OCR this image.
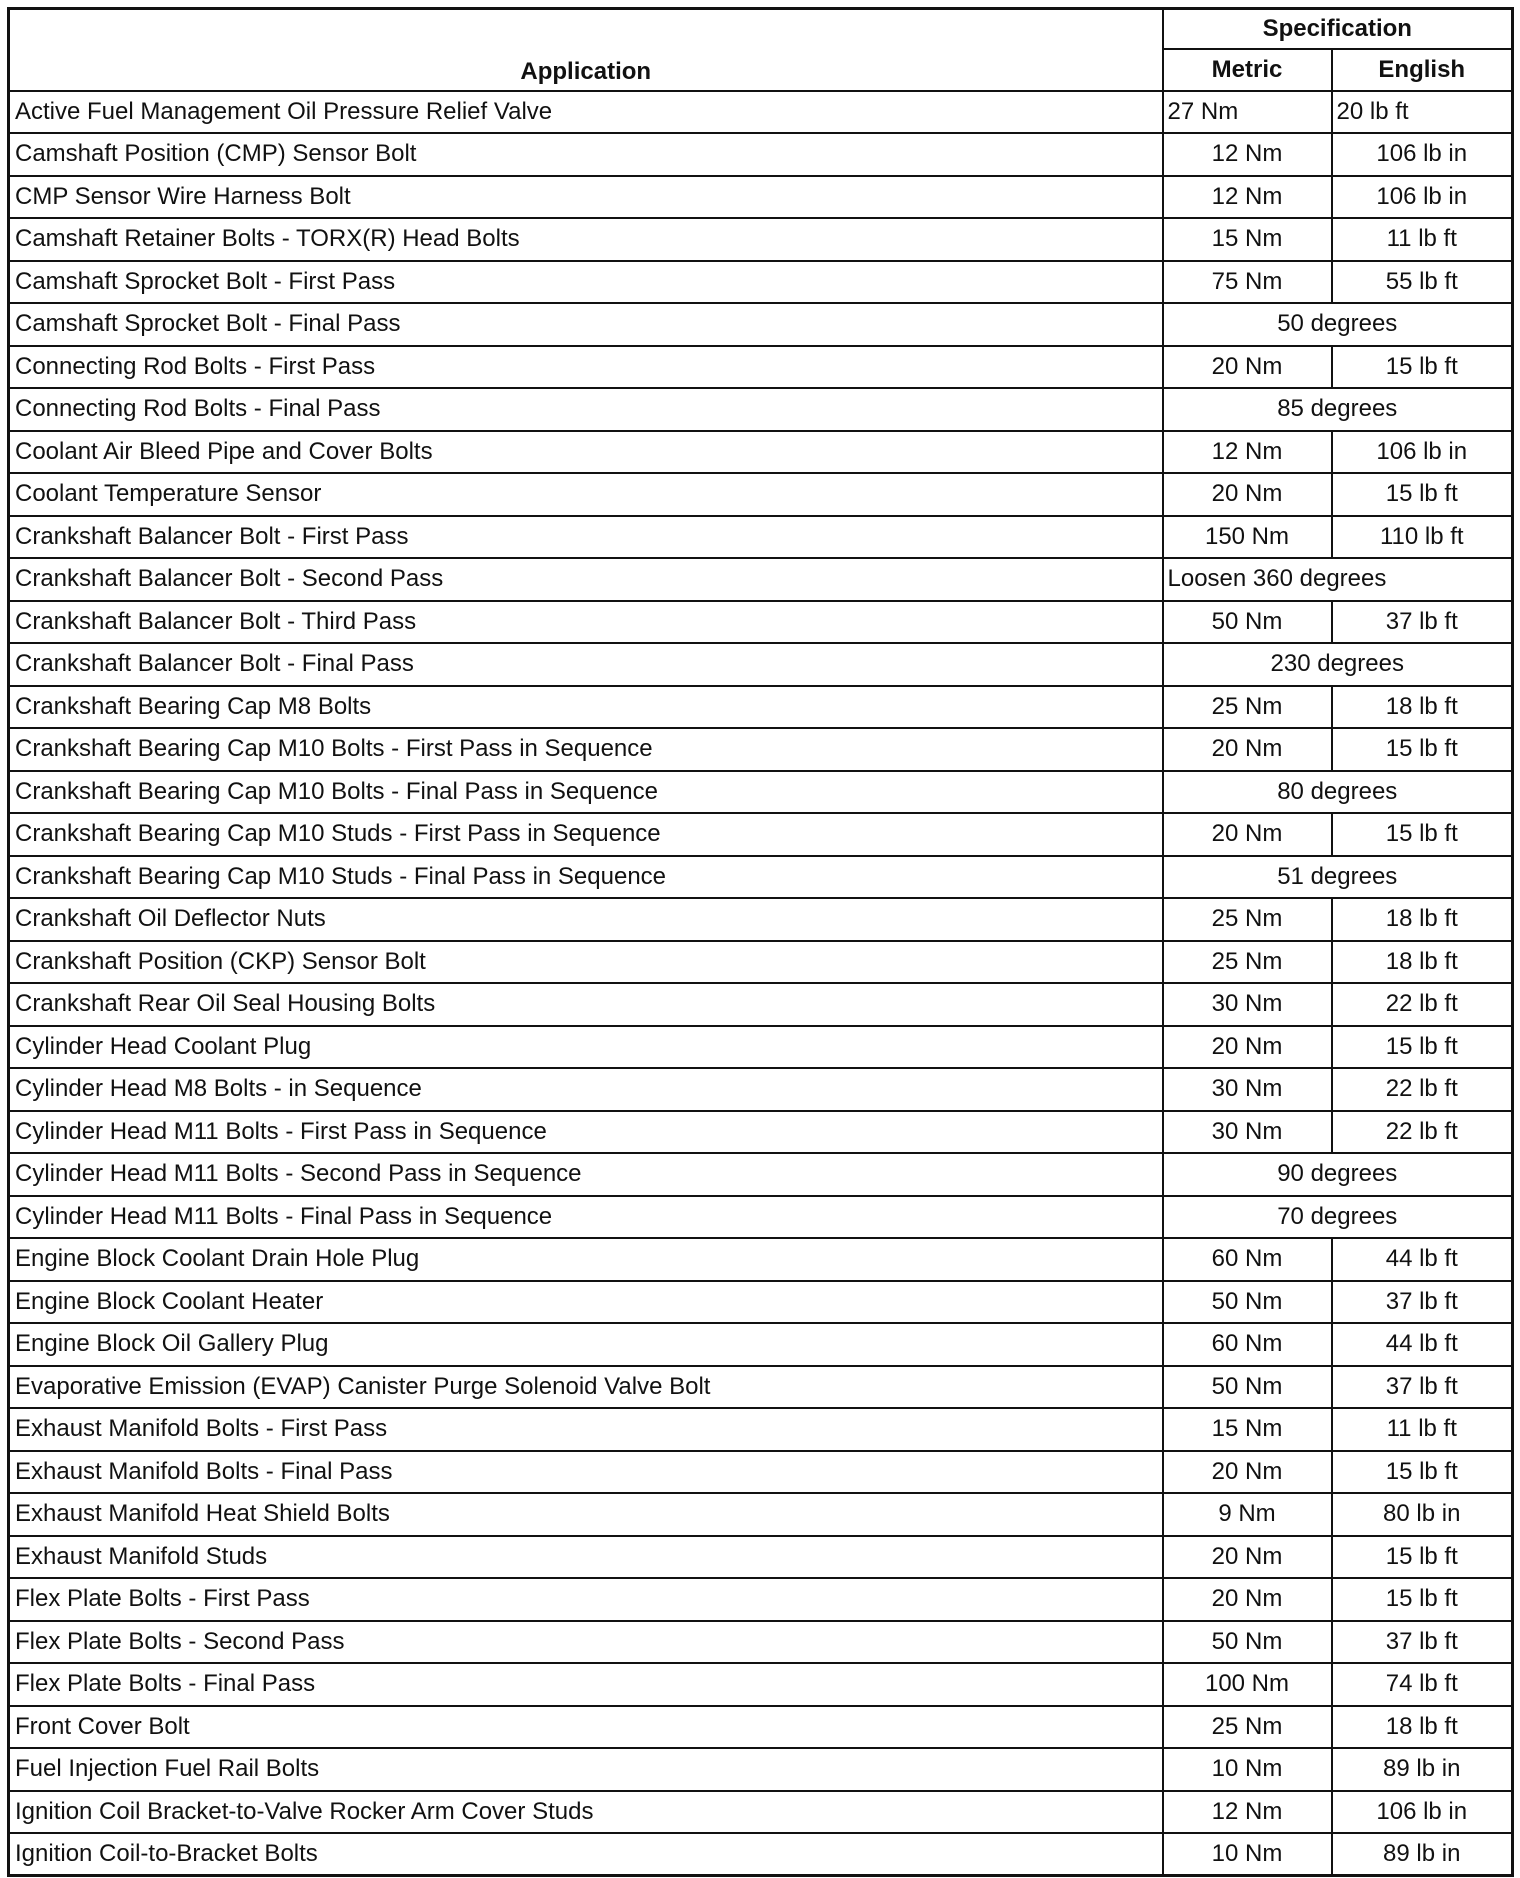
Application	Specification	
	Metric	English
Active Fuel Management Oil Pressure Relief Valve	27 Nm	20 lb ft
Camshaft Position (CMP) Sensor Bolt	12 Nm	106 lb in
CMP Sensor Wire Harness Bolt	12 Nm	106 lb in
Camshaft Retainer Bolts - TORX(R) Head Bolts	15 Nm	11 lb ft
Camshaft Sprocket Bolt - First Pass	75 Nm	55 lb ft
Camshaft Sprocket Bolt - Final Pass	50 degrees	
Connecting Rod Bolts - First Pass	20 Nm	15 lb ft
Connecting Rod Bolts - Final Pass	85 degrees	
Coolant Air Bleed Pipe and Cover Bolts	12 Nm	106 lb in
Coolant Temperature Sensor	20 Nm	15 lb ft
Crankshaft Balancer Bolt - First Pass	150 Nm	110 lb ft
Crankshaft Balancer Bolt - Second Pass	Loosen 360 degrees	
Crankshaft Balancer Bolt - Third Pass	50 Nm	37 lb ft
Crankshaft Balancer Bolt - Final Pass	230 degrees	
Crankshaft Bearing Cap M8 Bolts	25 Nm	18 lb ft
Crankshaft Bearing Cap M10 Bolts - First Pass in Sequence	20 Nm	15 lb ft
Crankshaft Bearing Cap M10 Bolts - Final Pass in Sequence	80 degrees	
Crankshaft Bearing Cap M10 Studs - First Pass in Sequence	20 Nm	15 lb ft
Crankshaft Bearing Cap M10 Studs - Final Pass in Sequence	51 degrees	
Crankshaft Oil Deflector Nuts	25 Nm	18 lb ft
Crankshaft Position (CKP) Sensor Bolt	25 Nm	18 lb ft
Crankshaft Rear Oil Seal Housing Bolts	30 Nm	22 lb ft
Cylinder Head Coolant Plug	20 Nm	15 lb ft
Cylinder Head M8 Bolts - in Sequence	30 Nm	22 lb ft
Cylinder Head M11 Bolts - First Pass in Sequence	30 Nm	22 lb ft
Cylinder Head M11 Bolts - Second Pass in Sequence	90 degrees	
Cylinder Head M11 Bolts - Final Pass in Sequence	70 degrees	
Engine Block Coolant Drain Hole Plug	60 Nm	44 lb ft
Engine Block Coolant Heater	50 Nm	37 lb ft
Engine Block Oil Gallery Plug	60 Nm	44 lb ft
Evaporative Emission (EVAP) Canister Purge Solenoid Valve Bolt	50 Nm	37 lb ft
Exhaust Manifold Bolts - First Pass	15 Nm	11 lb ft
Exhaust Manifold Bolts - Final Pass	20 Nm	15 lb ft
Exhaust Manifold Heat Shield Bolts	9 Nm	80 lb in
Exhaust Manifold Studs	20 Nm	15 lb ft
Flex Plate Bolts - First Pass	20 Nm	15 lb ft
Flex Plate Bolts - Second Pass	50 Nm	37 lb ft
Flex Plate Bolts - Final Pass	100 Nm	74 lb ft
Front Cover Bolt	25 Nm	18 lb ft
Fuel Injection Fuel Rail Bolts	10 Nm	89 lb in
Ignition Coil Bracket-to-Valve Rocker Arm Cover Studs	12 Nm	106 lb in
Ignition Coil-to-Bracket Bolts	10 Nm	89 lb in
